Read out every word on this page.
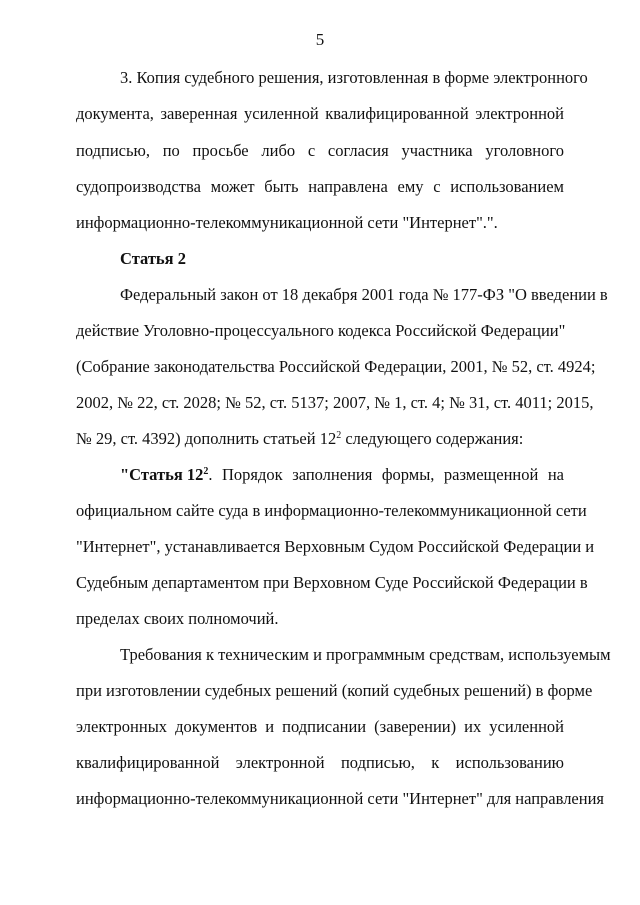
5
3. Копия судебного решения, изготовленная в форме электронного
документа, заверенная усиленной квалифицированной электронной
подписью, по просьбе либо с согласия участника уголовного
судопроизводства может быть направлена ему с использованием
информационно-телекоммуникационной сети "Интернет".".
Статья 2
Федеральный закон от 18 декабря 2001 года № 177-ФЗ "О введении в
действие Уголовно-процессуального кодекса Российской Федерации"
(Собрание законодательства Российской Федерации, 2001, № 52, ст. 4924;
2002, № 22, ст. 2028; № 52, ст. 5137; 2007, № 1, ст. 4; № 31, ст. 4011; 2015,
№ 29, ст. 4392) дополнить статьей $12^2$ следующего содержания:
"Статья $12^2$ . Порядок заполнения формы, размещенной на
официальном сайте суда в информационно-телекоммуникационной сети
"Интернет", устанавливается Верховным Судом Российской Федерации и
Судебным департаментом при Верховном Суде Российской Федерации в
пределах своих полномочий.
Требования к техническим и программным средствам, используемым
при изготовлении судебных решений (копий судебных решений) в форме
электронных документов и подписании (заверении) их усиленной
квалифицированной электронной подписью, к использованию
информационно-телекоммуникационной сети "Интернет" для направления
